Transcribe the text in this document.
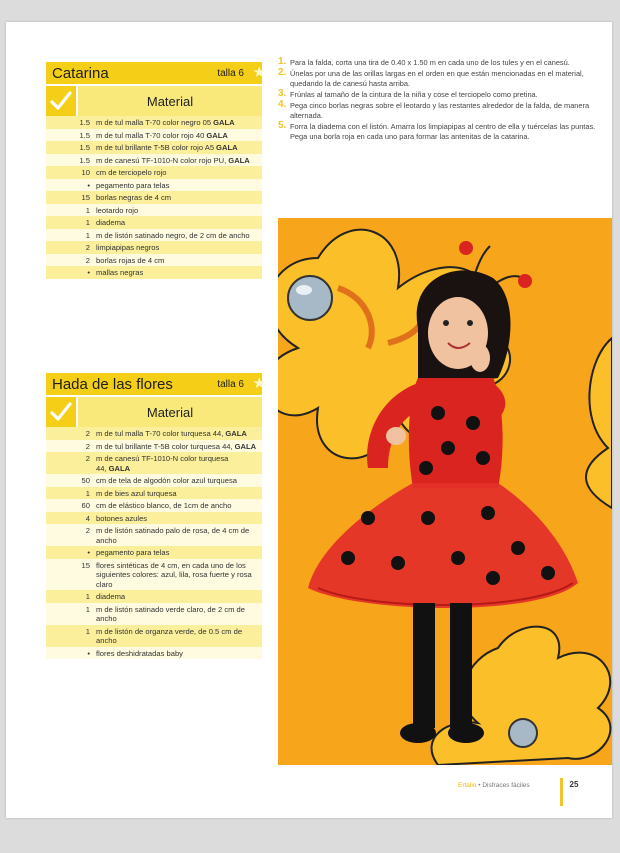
Catarina	talla 6 ★
Material
1.5 m de tul malla T-70 color negro 05 GALA
1.5 m de tul malla T-70 color rojo 40 GALA
1.5 m de tul brillante T-5B color rojo A5 GALA
1.5 m de canesú TF-1010-N color rojo PU, GALA
10 cm de terciopelo rojo
• pegamento para telas
15 borlas negras de 4 cm
1 leotardo rojo
1 diadema
1 m de listón satinado negro, de 2 cm de ancho
2 limpiapipas negros
2 borlas rojas de 4 cm
• mallas negras
Hada de las flores	talla 6 ★
Material
2 m de tul malla T-70 color turquesa 44, GALA
2 m de tul brillante T-5B color turquesa 44, GALA
2 m de canesú TF-1010-N color turquesa 44, GALA
50 cm de tela de algodón color azul turquesa
1 m de bies azul turquesa
60 cm de elástico blanco, de 1cm de ancho
4 botones azules
2 m de listón satinado palo de rosa, de 4 cm de ancho
• pegamento para telas
15 flores sintéticas de 4 cm, en cada uno de los siguientes colores: azul, lila, rosa fuerte y rosa claro
1 diadema
1 m de listón satinado verde claro, de 2 cm de ancho
1 m de listón de organza verde, de 0.5 cm de ancho
• flores deshidratadas baby
1. Para la falda, corta una tira de 0.40 x 1.50 m en cada uno de los tules y en el canesú.
2. Únelas por una de las orillas largas en el orden en que están mencionadas en el material, quedando la de canesú hasta arriba.
3. Frúnlas al tamaño de la cintura de la niña y cose el terciopelo como pretina.
4. Pega cinco borlas negras sobre el leotardo y las restantes alrededor de la falda, de manera alternada.
5. Forra la diadema con el listón. Amarra los limpiapipas al centro de ella y tuércelas las puntas. Pega una borla roja en cada uno para formar las antenitas de la catarina.
Ertalio • Disfraces fáciles	25
